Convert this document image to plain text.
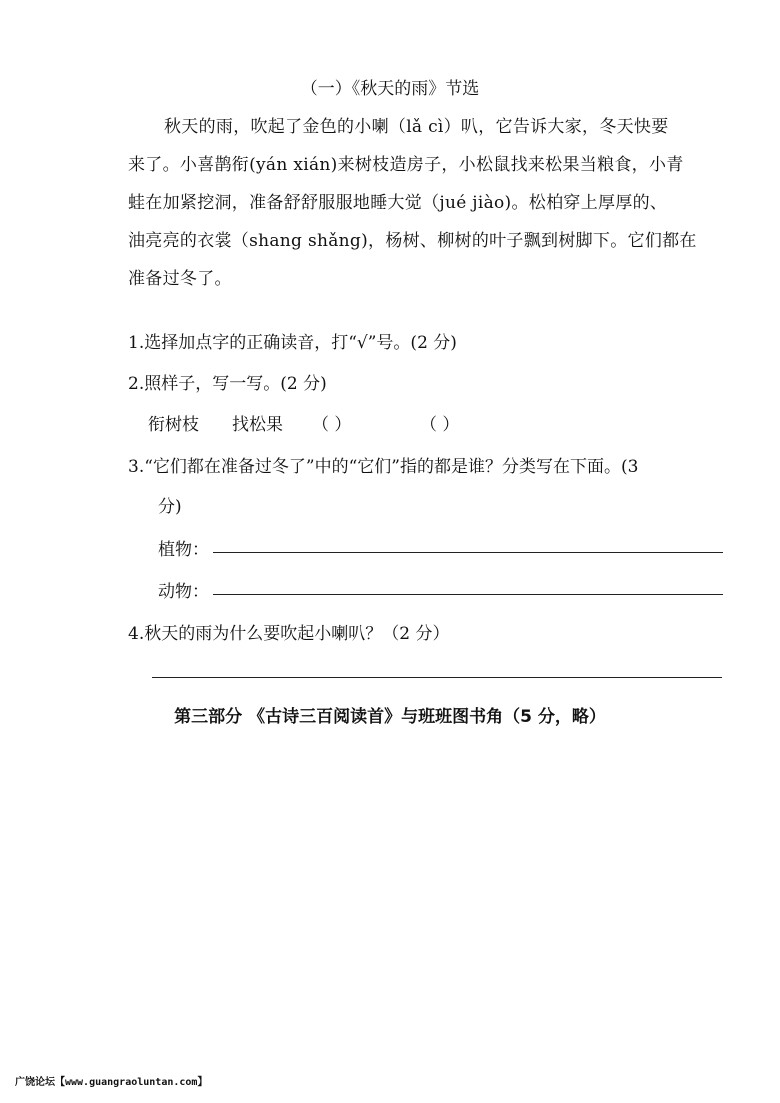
（一）《秋天的雨》节选
秋天的雨，吹起了金色的小喇（lǎ cì）叭，它告诉大家，冬天快要
来了。小喜鹊衔(yán xián)来树枝造房子，小松鼠找来松果当粮食，小青
蛙在加紧挖洞，准备舒舒服服地睡大觉（jué jiào)。松柏穿上厚厚的、
油亮亮的衣裳（shang shǎng)，杨树、柳树的叶子飘到树脚下。它们都在
准备过冬了。
1.选择加点字的正确读音，打“√”号。(2 分)
2.照样子，写一写。(2 分)
衔树枝 找松果 （ ）	（ ）
3.“它们都在准备过冬了”中的“它们”指的都是谁？分类写在下面。(3
分)
植物：
动物：
4.秋天的雨为什么要吹起小喇叭？（2 分）
第三部分 《古诗三百阅读首》与班班图书角（5 分，略）
广饶论坛【www.guangraoluntan.com】
